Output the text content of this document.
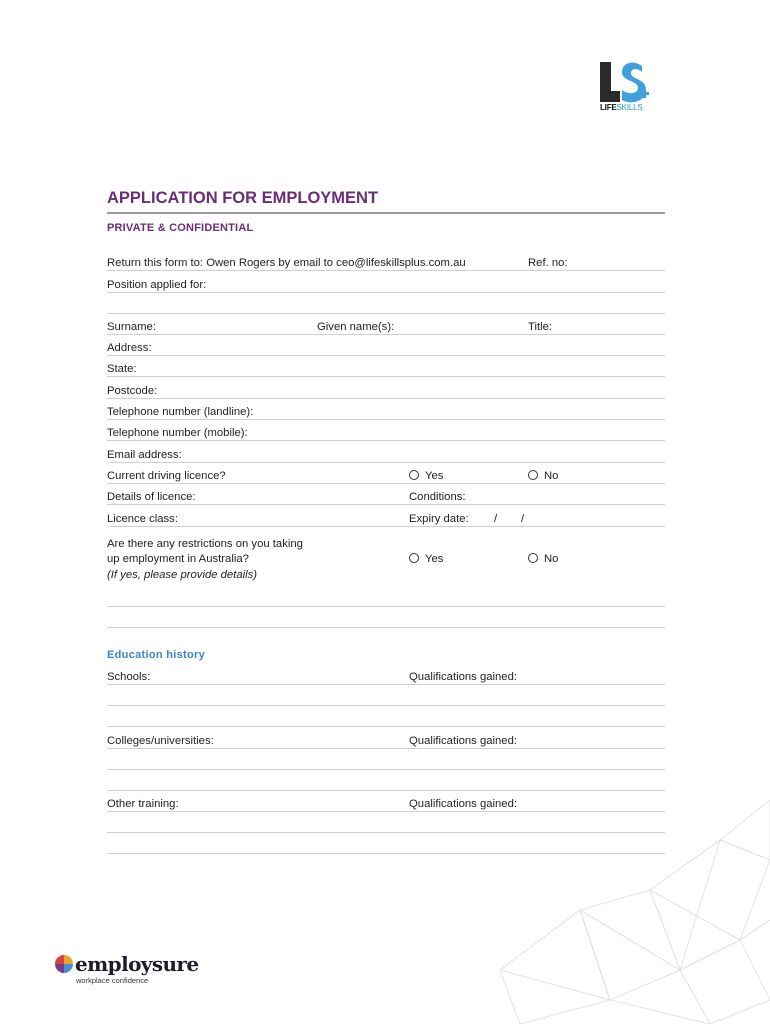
LIFESKILLS
APPLICATION FOR EMPLOYMENT
PRIVATE & CONFIDENTIAL
Return this form to: Owen Rogers by email to ceo@lifeskillsplus.com.au	Ref. no:
Position applied for:
Surname:	Given name(s):	Title:
Address:
State:
Postcode:
Telephone number (landline):
Telephone number (mobile):
Email address:
Current driving licence?	Yes	No
Details of licence:	Conditions:
Licence class:	Expiry date: / /
Are there any restrictions on you taking
up employment in Australia?
(If yes, please provide details)
Yes	No
Education history
Schools:	Qualifications gained:
Colleges/universities:	Qualifications gained:
Other training:	Qualifications gained:
employsure
workplace confidence
